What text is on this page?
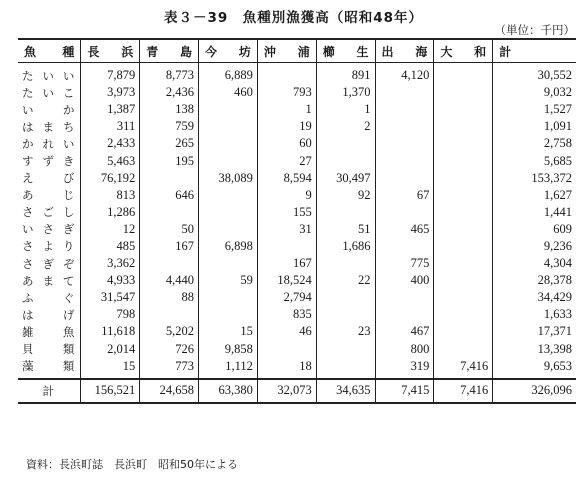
表３－39　魚種別漁獲高（昭和48年）
（単位：千円）
魚　種	長　浜	青　島	今　坊	沖　浦	櫛　生	出　海	大　和	計
たいい	7,879	8,773	6,889		891	4,120		30,552
たいこ	3,973	2,436	460	793	1,370			9,032
いか	1,387	138		1	1			1,527
はまち	311	759		19	2			1,091
かれい	2,433	265		60				2,758
すずき	5,463	195		27				5,685
えび	76,192		38,089	8,594	30,497			153,372
あじ	813	646		9	92	67		1,627
さごし	1,286			155				1,441
いさぎ	12	50		31	51	465		609
さより	485	167	6,898		1,686			9,236
さぎぞ	3,362			167		775		4,304
あまて	4,933	4,440	59	18,524	22	400		28,378
ふぐ	31,547	88		2,794				34,429
はげ	798			835				1,633
雑魚	11,618	5,202	15	46	23	467		17,371
貝類	2,014	726	9,858			800		13,398
藻類	15	773	1,112	18		319	7,416	9,653
計	156,521	24,658	63,380	32,073	34,635	7,415	7,416	326,096
資料：長浜町誌　長浜町　昭和50年による
